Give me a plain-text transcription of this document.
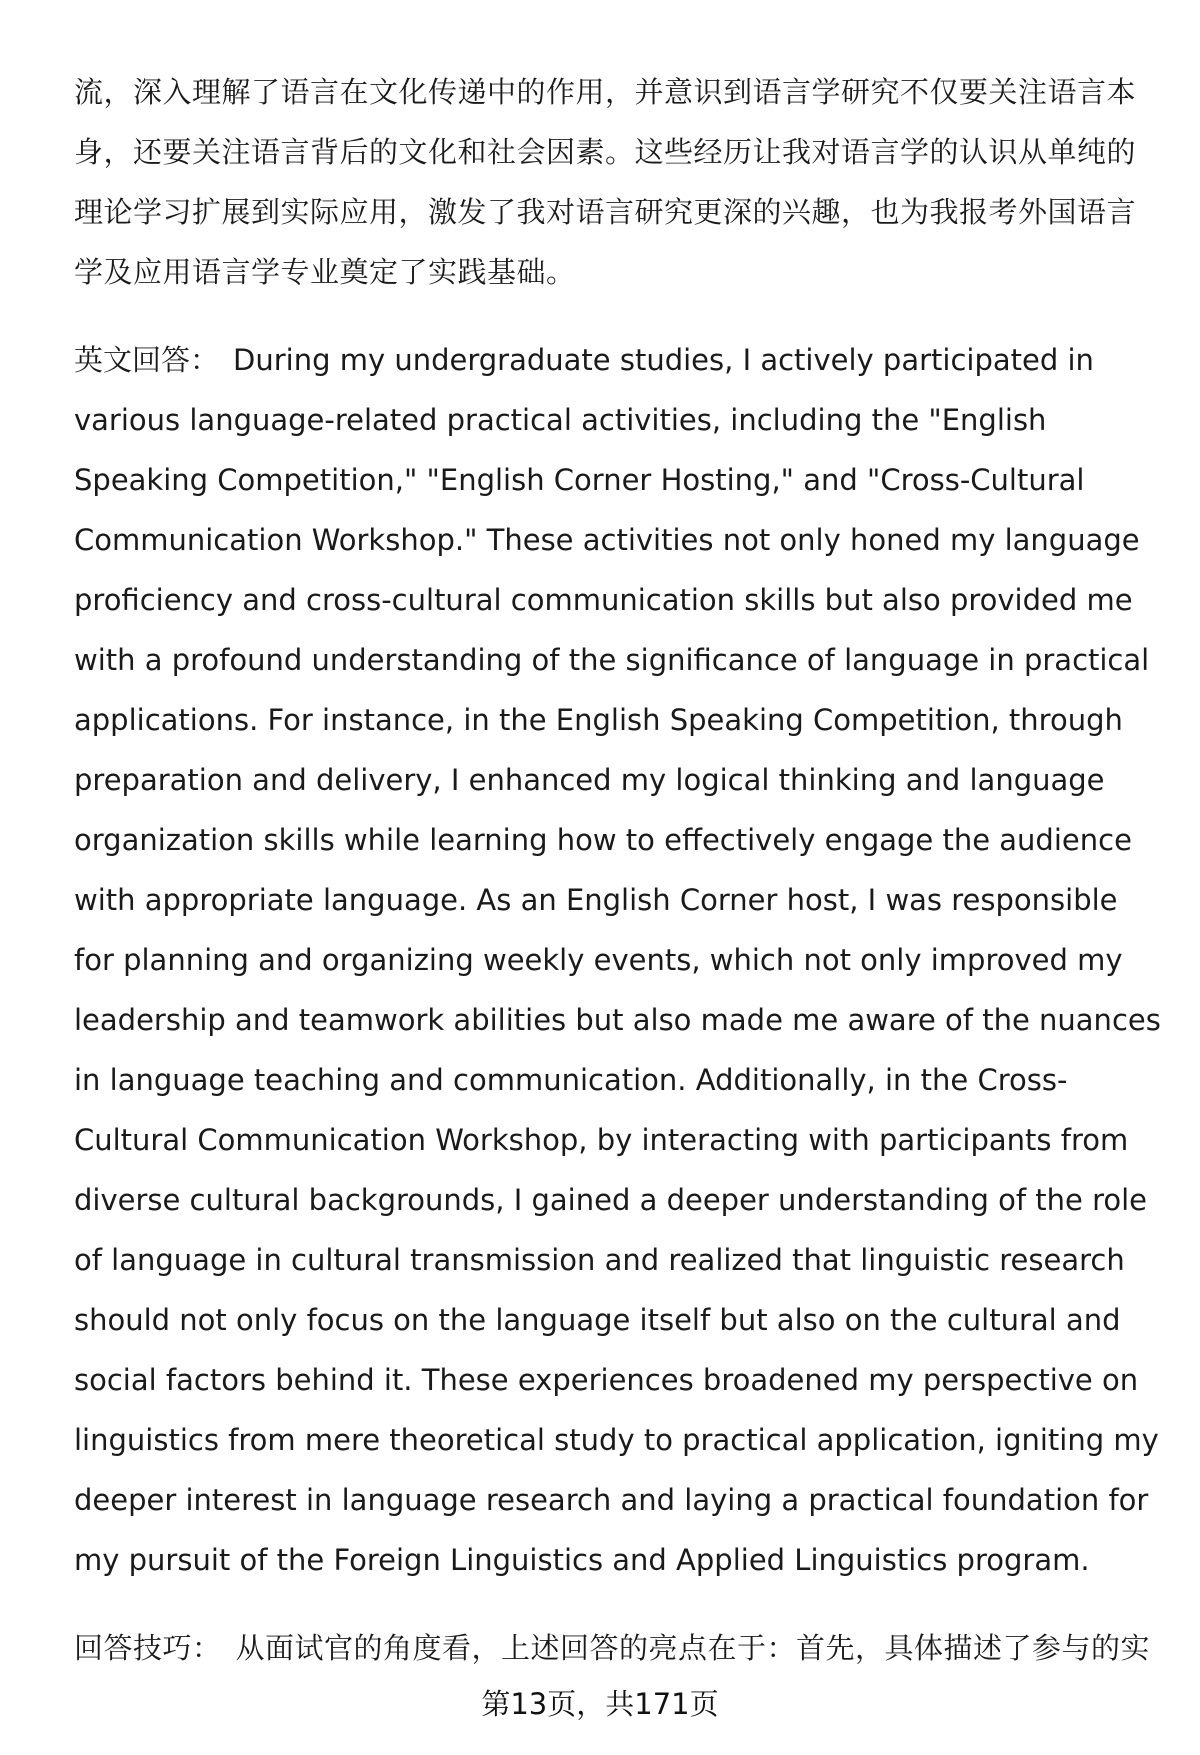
流，深入理解了语言在文化传递中的作用，并意识到语言学研究不仅要关注语言本身，还要关注语言背后的文化和社会因素。这些经历让我对语言学的认识从单纯的理论学习扩展到实际应用，激发了我对语言研究更深的兴趣，也为我报考外国语言学及应用语言学专业奠定了实践基础。

英文回答： During my undergraduate studies, I actively participated in various language-related practical activities, including the "English Speaking Competition," "English Corner Hosting," and "Cross-Cultural Communication Workshop." These activities not only honed my language proficiency and cross-cultural communication skills but also provided me with a profound understanding of the significance of language in practical applications. For instance, in the English Speaking Competition, through preparation and delivery, I enhanced my logical thinking and language organization skills while learning how to effectively engage the audience with appropriate language. As an English Corner host, I was responsible for planning and organizing weekly events, which not only improved my leadership and teamwork abilities but also made me aware of the nuances in language teaching and communication. Additionally, in the Cross-Cultural Communication Workshop, by interacting with participants from diverse cultural backgrounds, I gained a deeper understanding of the role of language in cultural transmission and realized that linguistic research should not only focus on the language itself but also on the cultural and social factors behind it. These experiences broadened my perspective on linguistics from mere theoretical study to practical application, igniting my deeper interest in language research and laying a practical foundation for my pursuit of the Foreign Linguistics and Applied Linguistics program.

回答技巧： 从面试官的角度看，上述回答的亮点在于：首先，具体描述了参与的实

第13页，共171页
